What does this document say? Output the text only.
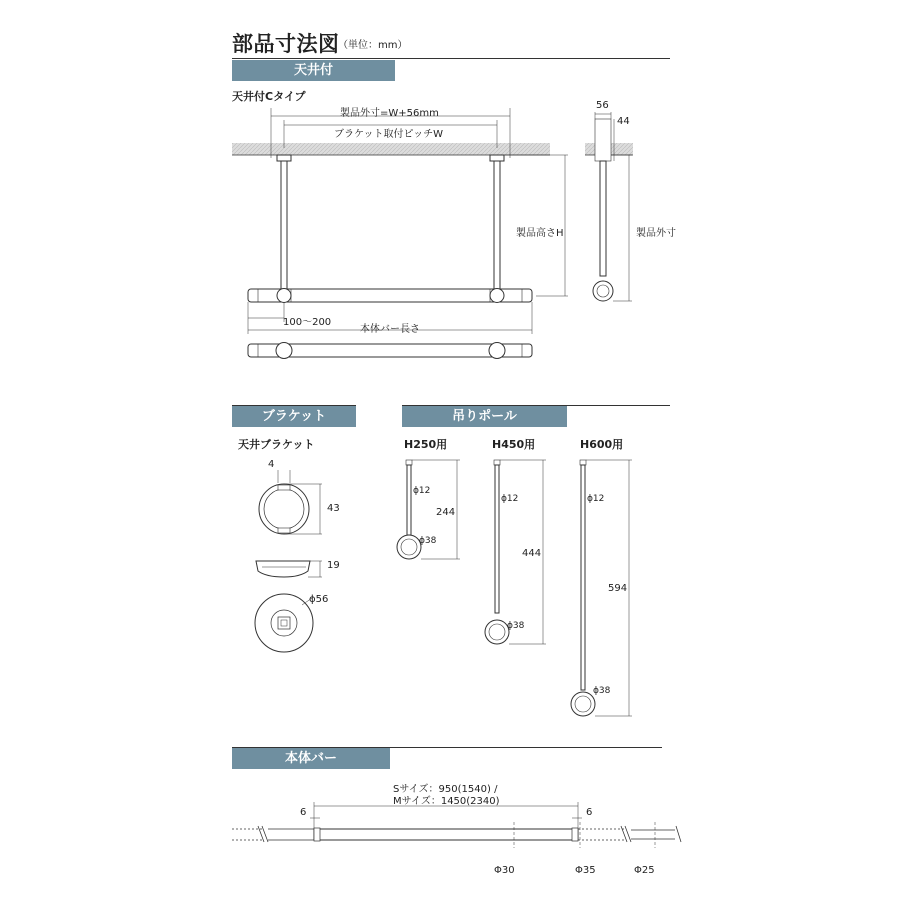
部品寸法図
（単位：mm）
天井付
ブラケット	吊りポール
本体バー
天井付Cタイプ
製品外寸=W+56mm
ブラケット取付ピッチW
製品高さH
100〜200
本体バー長さ
56
44
製品外寸
天井ブラケット
4
43
19
ϕ56
H250用	H450用	H600用
ϕ12
ϕ12	ϕ12
ϕ38
ϕ38
ϕ38
244
444
594
Sサイズ：950(1540) /
Mサイズ：1450(2340)
6	6
Φ30	Φ35	Φ25
